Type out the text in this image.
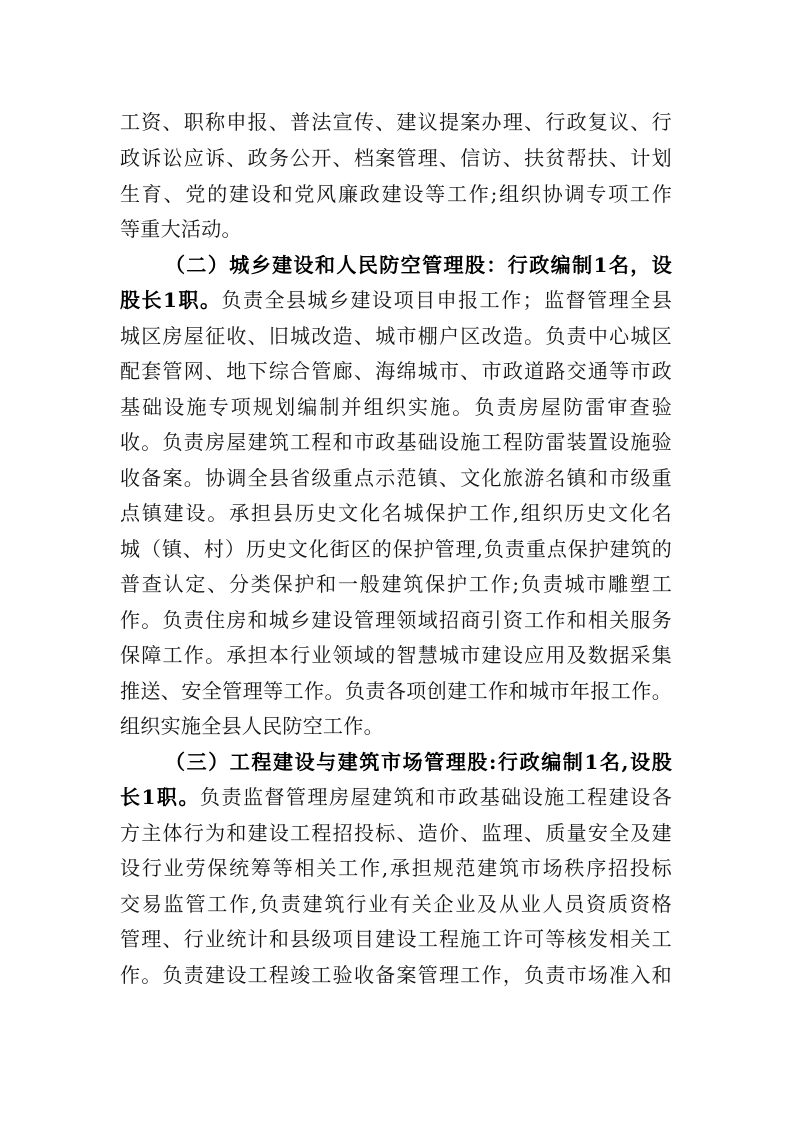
工资、职称申报、普法宣传、建议提案办理、行政复议、行
政诉讼应诉、政务公开、档案管理、信访、扶贫帮扶、计划
生育、党的建设和党风廉政建设等工作;组织协调专项工作
等重大活动。
（二）城乡建设和人民防空管理股：行政编制1名，设
股长1职。负责全县城乡建设项目申报工作；监督管理全县
城区房屋征收、旧城改造、城市棚户区改造。负责中心城区
配套管网、地下综合管廊、海绵城市、市政道路交通等市政
基础设施专项规划编制并组织实施。负责房屋防雷审查验
收。负责房屋建筑工程和市政基础设施工程防雷装置设施验
收备案。协调全县省级重点示范镇、文化旅游名镇和市级重
点镇建设。承担县历史文化名城保护工作,组织历史文化名
城（镇、村）历史文化街区的保护管理,负责重点保护建筑的
普查认定、分类保护和一般建筑保护工作;负责城市雕塑工
作。负责住房和城乡建设管理领域招商引资工作和相关服务
保障工作。承担本行业领域的智慧城市建设应用及数据采集
推送、安全管理等工作。负责各项创建工作和城市年报工作。
组织实施全县人民防空工作。
（三）工程建设与建筑市场管理股:行政编制1名,设股
长1职。负责监督管理房屋建筑和市政基础设施工程建设各
方主体行为和建设工程招投标、造价、监理、质量安全及建
设行业劳保统筹等相关工作,承担规范建筑市场秩序招投标
交易监管工作,负责建筑行业有关企业及从业人员资质资格
管理、行业统计和县级项目建设工程施工许可等核发相关工
作。负责建设工程竣工验收备案管理工作，负责市场准入和
